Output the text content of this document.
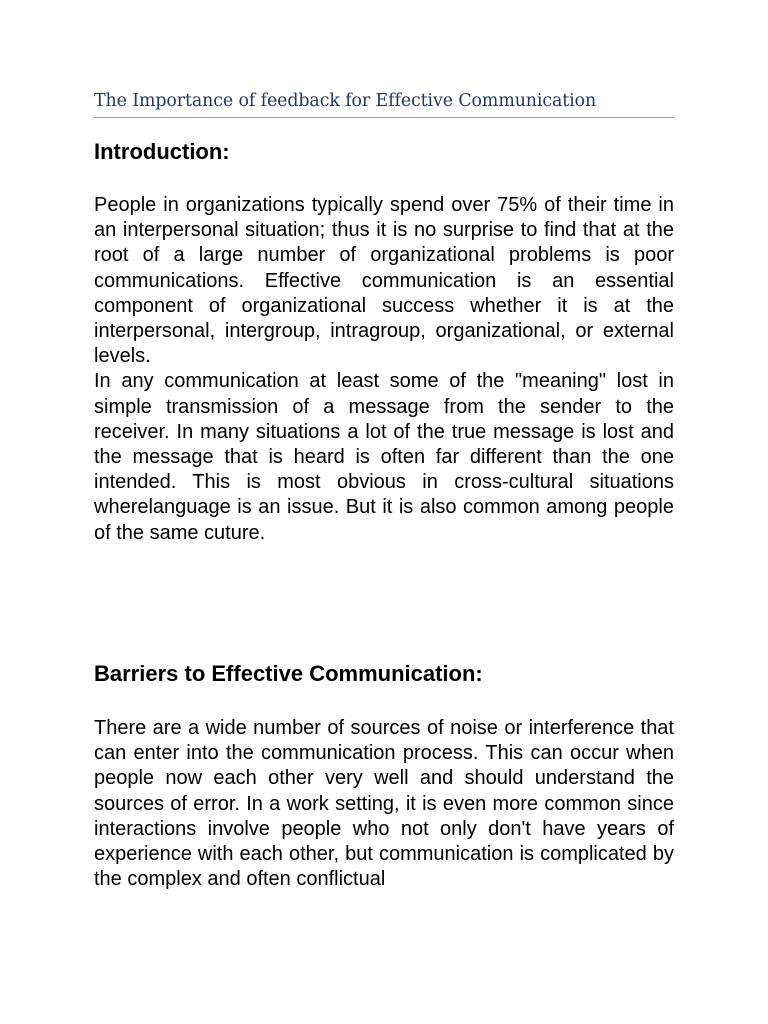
The Importance of feedback for Effective Communication
Introduction:

People in organizations typically spend over 75% of their time in an interpersonal situation; thus it is no surprise to find that at the root of a large number of organizational problems is poor communications. Effective communication is an essential component of organizational success whether it is at the interpersonal, intergroup, intragroup, organizational, or external levels.

In any communication at least some of the "meaning" lost in simple transmission of a message from the sender to the receiver. In many situations a lot of the true message is lost and the message that is heard is often far different than the one intended. This is most obvious in cross-cultural situations wherelanguage is an issue. But it is also common among people of the same cuture.

Barriers to Effective Communication:

There are a wide number of sources of noise or interference that can enter into the communication process. This can occur when people now each other very well and should understand the sources of error. In a work setting, it is even more common since interactions involve people who not only don't have years of experience with each other, but communication is complicated by the complex and often conflictual
